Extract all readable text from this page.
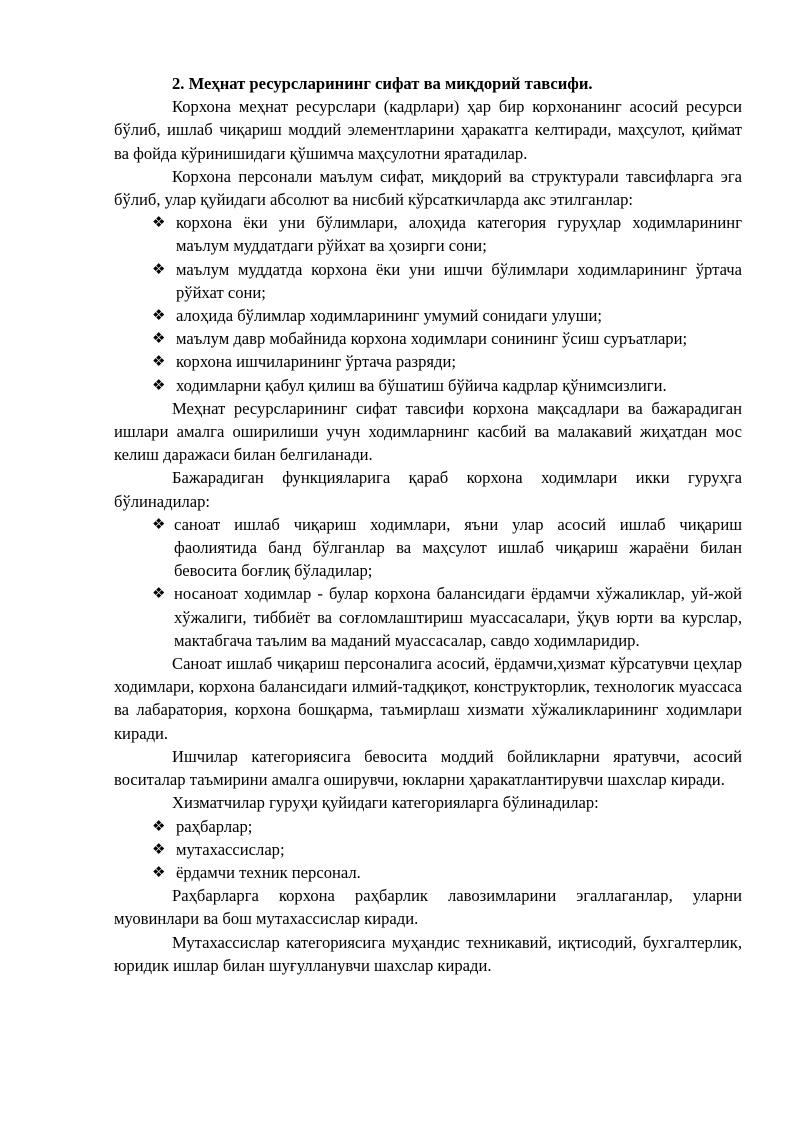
2. Меҳнат ресурсларининг сифат ва миқдорий тавсифи.

Корхона меҳнат ресурслари (кадрлари) ҳар бир корхонанинг асосий ресурси бўлиб, ишлаб чиқариш моддий элементларини ҳаракатга келтиради, маҳсулот, қиймат ва фойда кўринишидаги қўшимча маҳсулотни яратадилар.

Корхона персонали маълум сифат, миқдорий ва структурали тавсифларга эга бўлиб, улар қуйидаги абсолют ва нисбий кўрсаткичларда акс этилганлар:

❖ корхона ёки уни бўлимлари, алоҳида категория гуруҳлар ходимларининг маълум муддатдаги рўйхат ва ҳозирги сони;
❖ маълум муддатда корхона ёки уни ишчи бўлимлари ходимларининг ўртача рўйхат сони;
❖ алоҳида бўлимлар ходимларининг умумий сонидаги улуши;
❖ маълум давр мобайнида корхона ходимлари сонининг ўсиш суръатлари;
❖ корхона ишчиларининг ўртача разряди;
❖ ходимларни қабул қилиш ва бўшатиш бўйича кадрлар қўнимсизлиги.

Меҳнат ресурсларининг сифат тавсифи корхона мақсадлари ва бажарадиган ишлари амалга оширилиши учун ходимларнинг касбий ва малакавий жиҳатдан мос келиш даражаси билан белгиланади.

Бажарадиган функцияларига қараб корхона ходимлари икки гуруҳга бўлинадилар:

❖ саноат ишлаб чиқариш ходимлари, яъни улар асосий ишлаб чиқариш фаолиятида банд бўлганлар ва маҳсулот ишлаб чиқариш жараёни билан бевосита боғлиқ бўладилар;
❖ носаноат ходимлар - булар корхона балансидаги ёрдамчи хўжаликлар, уй-жой хўжалиги, тиббиёт ва соғломлаштириш муассасалари, ўқув юрти ва курслар, мактабгача таълим ва маданий муассасалар, савдо ходимларидир.

Саноат ишлаб чиқариш персоналига асосий, ёрдамчи,ҳизмат кўрсатувчи цеҳлар ходимлари, корхона балансидаги илмий-тадқиқот, конструкторлик, технологик муассаса ва лабаратория, корхона бошқарма, таъмирлаш хизмати хўжаликларининг ходимлари киради.

Ишчилар категориясига бевосита моддий бойликларни яратувчи, асосий воситалар таъмирини амалга оширувчи, юкларни ҳаракатлантирувчи шахслар киради.

Хизматчилар гуруҳи қуйидаги категорияларга бўлинадилар:

❖ раҳбарлар;
❖ мутахассислар;
❖ ёрдамчи техник персонал.

Раҳбарларга корхона раҳбарлик лавозимларини эгаллаганлар, уларни муовинлари ва бош мутахассислар киради.

Мутахассислар категориясига муҳандис техникавий, иқтисодий, бухгалтерлик, юридик ишлар билан шуғулланувчи шахслар киради.
